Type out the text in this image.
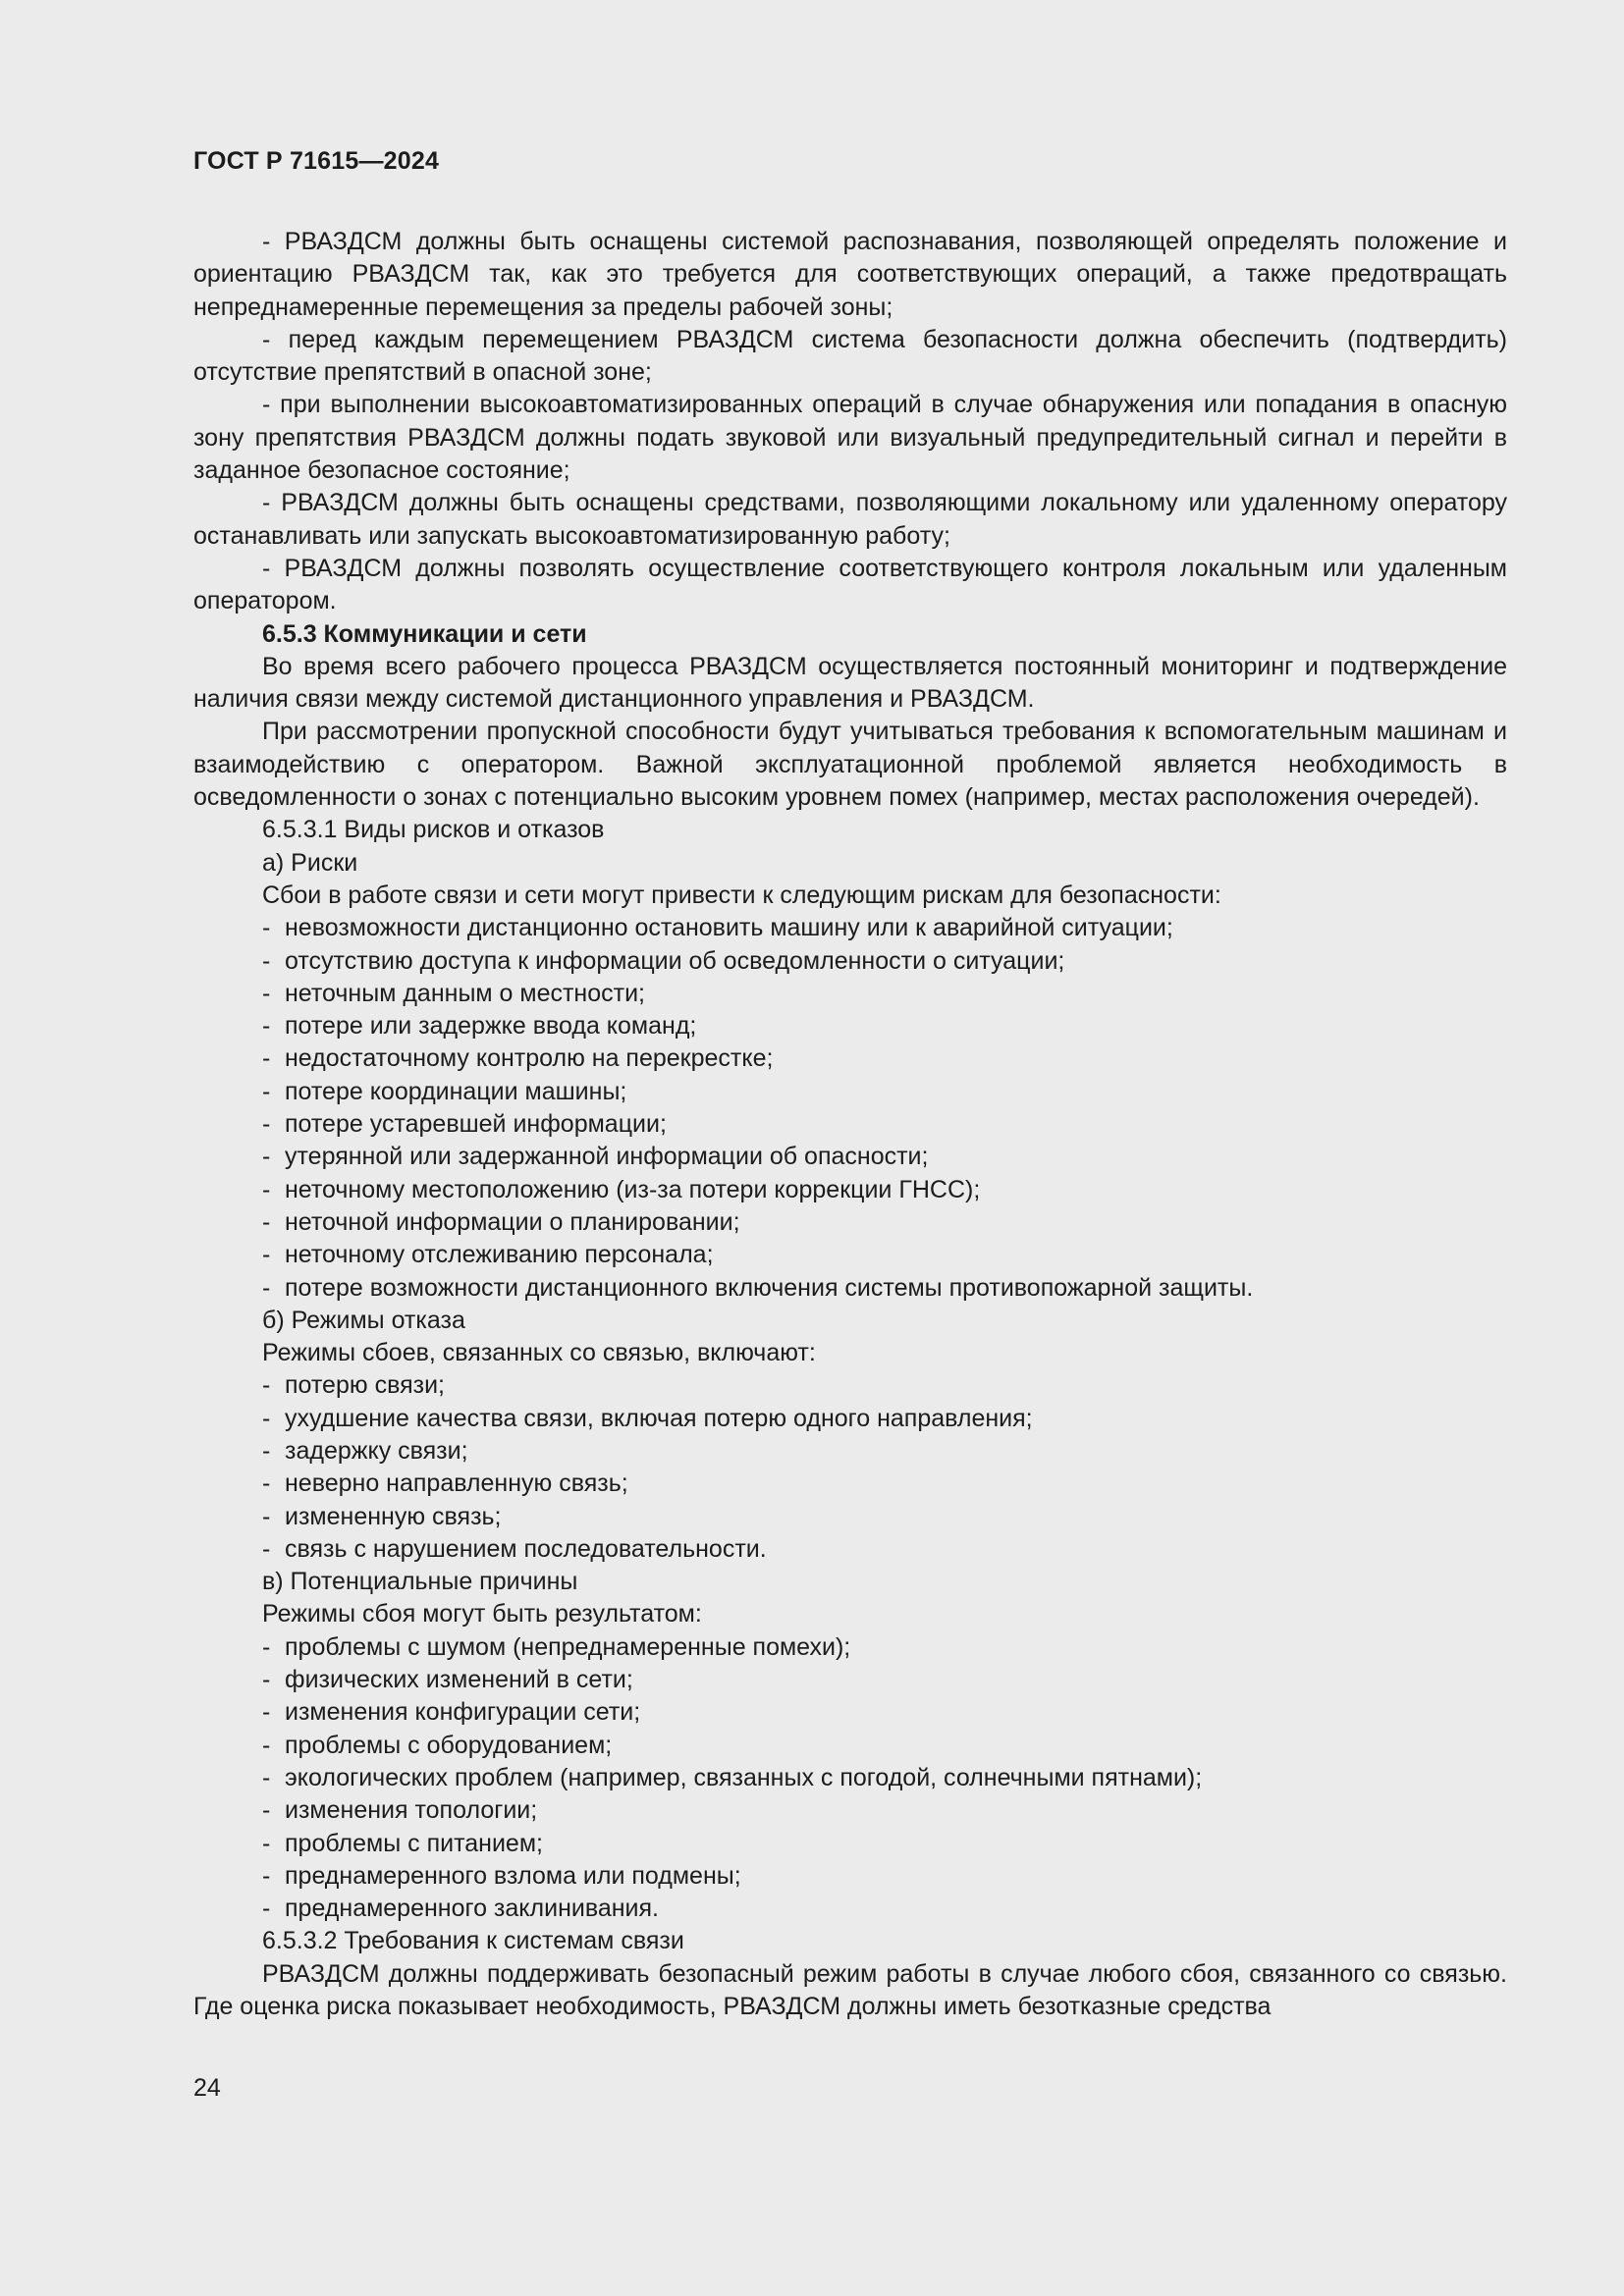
ГОСТ Р 71615—2024

- РВАЗДСМ должны быть оснащены системой распознавания, позволяющей определять положение и ориентацию РВАЗДСМ так, как это требуется для соответствующих операций, а также предотвращать непреднамеренные перемещения за пределы рабочей зоны;

- перед каждым перемещением РВАЗДСМ система безопасности должна обеспечить (подтвердить) отсутствие препятствий в опасной зоне;

- при выполнении высокоавтоматизированных операций в случае обнаружения или попадания в опасную зону препятствия РВАЗДСМ должны подать звуковой или визуальный предупредительный сигнал и перейти в заданное безопасное состояние;

- РВАЗДСМ должны быть оснащены средствами, позволяющими локальному или удаленному оператору останавливать или запускать высокоавтоматизированную работу;

- РВАЗДСМ должны позволять осуществление соответствующего контроля локальным или удаленным оператором.

6.5.3 Коммуникации и сети

Во время всего рабочего процесса РВАЗДСМ осуществляется постоянный мониторинг и подтверждение наличия связи между системой дистанционного управления и РВАЗДСМ.

При рассмотрении пропускной способности будут учитываться требования к вспомогательным машинам и взаимодействию с оператором. Важной эксплуатационной проблемой является необходимость в осведомленности о зонах с потенциально высоким уровнем помех (например, местах расположения очередей).

6.5.3.1 Виды рисков и отказов

а) Риски

Сбои в работе связи и сети могут привести к следующим рискам для безопасности:

- невозможности дистанционно остановить машину или к аварийной ситуации;
- отсутствию доступа к информации об осведомленности о ситуации;
- неточным данным о местности;
- потере или задержке ввода команд;
- недостаточному контролю на перекрестке;
- потере координации машины;
- потере устаревшей информации;
- утерянной или задержанной информации об опасности;
- неточному местоположению (из-за потери коррекции ГНСС);
- неточной информации о планировании;
- неточному отслеживанию персонала;
- потере возможности дистанционного включения системы противопожарной защиты.

б) Режимы отказа

Режимы сбоев, связанных со связью, включают:

- потерю связи;
- ухудшение качества связи, включая потерю одного направления;
- задержку связи;
- неверно направленную связь;
- измененную связь;
- связь с нарушением последовательности.

в) Потенциальные причины

Режимы сбоя могут быть результатом:

- проблемы с шумом (непреднамеренные помехи);
- физических изменений в сети;
- изменения конфигурации сети;
- проблемы с оборудованием;
- экологических проблем (например, связанных с погодой, солнечными пятнами);
- изменения топологии;
- проблемы с питанием;
- преднамеренного взлома или подмены;
- преднамеренного заклинивания.

6.5.3.2 Требования к системам связи

РВАЗДСМ должны поддерживать безопасный режим работы в случае любого сбоя, связанного со связью. Где оценка риска показывает необходимость, РВАЗДСМ должны иметь безотказные средства

24
